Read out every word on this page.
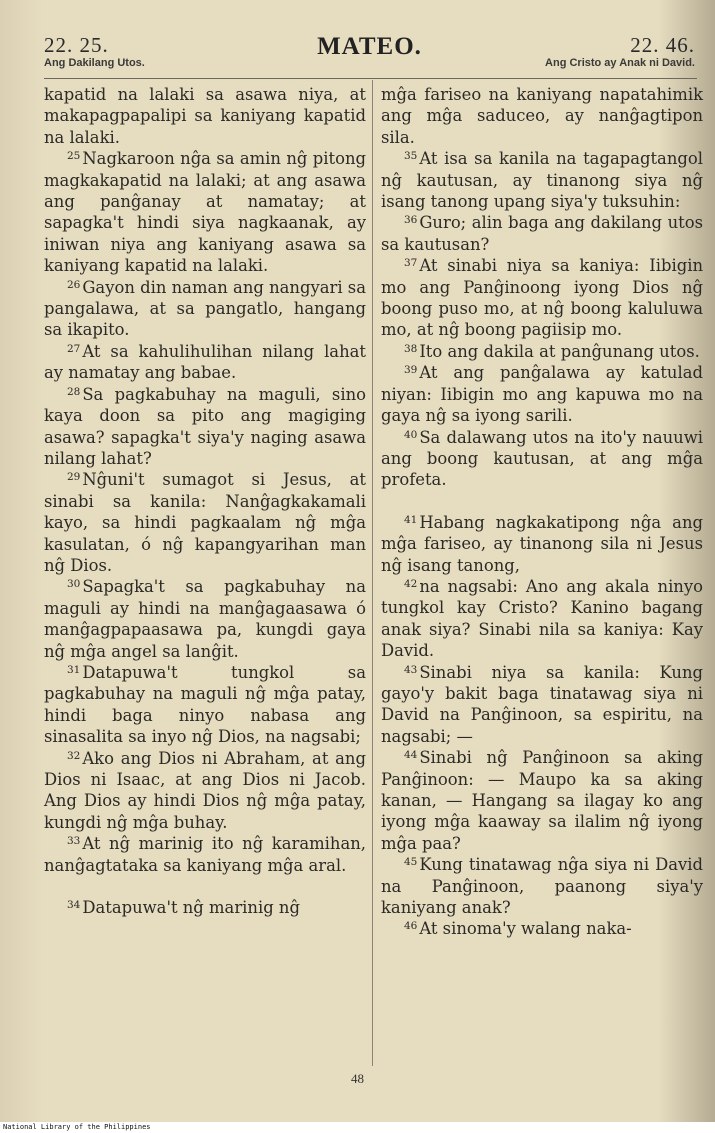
MATEO.
22. 25.
Ang Dakilang Utos.
22. 46.
Ang Cristo ay Anak ni David.

kapatid na lalaki sa asawa niya, at makapagpapalipi sa kaniyang kapatid na lalaki.

$^{25}$ Nagkaroon nĝa sa amin nĝ pitong magkakapatid na lalaki; at ang asawa ang panĝanay at namatay; at sapagka't hindi siya nagkaanak, ay iniwan niya ang kaniyang asawa sa kaniyang kapatid na lalaki.

$^{26}$ Gayon din naman ang nangyari sa pangalawa, at sa pangatlo, hangang sa ikapito.

$^{27}$ At sa kahulihulihan nilang lahat ay namatay ang babae.

$^{28}$ Sa pagkabuhay na maguli, sino kaya doon sa pito ang magiging asawa? sapagka't siya'y naging asawa nilang lahat?

$^{29}$ Nĝuni't sumagot si Jesus, at sinabi sa kanila: Nanĝagkakamali kayo, sa hindi pagkaalam nĝ mĝa kasulatan, ó nĝ kapangyarihan man nĝ Dios.

$^{30}$ Sapagka't sa pagkabuhay na maguli ay hindi na manĝagaasawa ó manĝagpapaasawa pa, kungdi gaya nĝ mĝa angel sa lanĝit.

$^{31}$ Datapuwa't tungkol sa pagkabuhay na maguli nĝ mĝa patay, hindi baga ninyo nabasa ang sinasalita sa inyo nĝ Dios, na nagsabi;

$^{32}$ Ako ang Dios ni Abraham, at ang Dios ni Isaac, at ang Dios ni Jacob. Ang Dios ay hindi Dios nĝ mĝa patay, kungdi nĝ mĝa buhay.

$^{33}$ At nĝ marinig ito nĝ karamihan, nanĝagtataka sa kaniyang mĝa aral.

$^{34}$ Datapuwa't nĝ marinig nĝ

mĝa fariseo na kaniyang napatahimik ang mĝa saduceo, ay nanĝagtipon sila.

$^{35}$ At isa sa kanila na tagapagtangol nĝ kautusan, ay tinanong siya nĝ isang tanong upang siya'y tuksuhin:

$^{36}$ Guro; alin baga ang dakilang utos sa kautusan?

$^{37}$ At sinabi niya sa kaniya: Iibigin mo ang Panĝinoong iyong Dios nĝ boong puso mo, at nĝ boong kaluluwa mo, at nĝ boong pagiisip mo.

$^{38}$ Ito ang dakila at panĝunang utos.

$^{39}$ At ang panĝalawa ay katulad niyan: Iibigin mo ang kapuwa mo na gaya nĝ sa iyong sarili.

$^{40}$ Sa dalawang utos na ito'y nauuwi ang boong kautusan, at ang mĝa profeta.

$^{41}$ Habang nagkakatipong nĝa ang mĝa fariseo, ay tinanong sila ni Jesus nĝ isang tanong,

$^{42}$ na nagsabi: Ano ang akala ninyo tungkol kay Cristo? Kanino bagang anak siya? Sinabi nila sa kaniya: Kay David.

$^{43}$ Sinabi niya sa kanila: Kung gayo'y bakit baga tinatawag siya ni David na Panĝinoon, sa espiritu, na nagsabi; —

$^{44}$ Sinabi nĝ Panĝinoon sa aking Panĝinoon: — Maupo ka sa aking kanan, — Hangang sa ilagay ko ang iyong mĝa kaaway sa ilalim nĝ iyong mĝa paa?

$^{45}$ Kung tinatawag nĝa siya ni David na Panĝinoon, paanong siya'y kaniyang anak?

$^{46}$ At sinoma'y walang naka-

48
National Library of the Philippines
